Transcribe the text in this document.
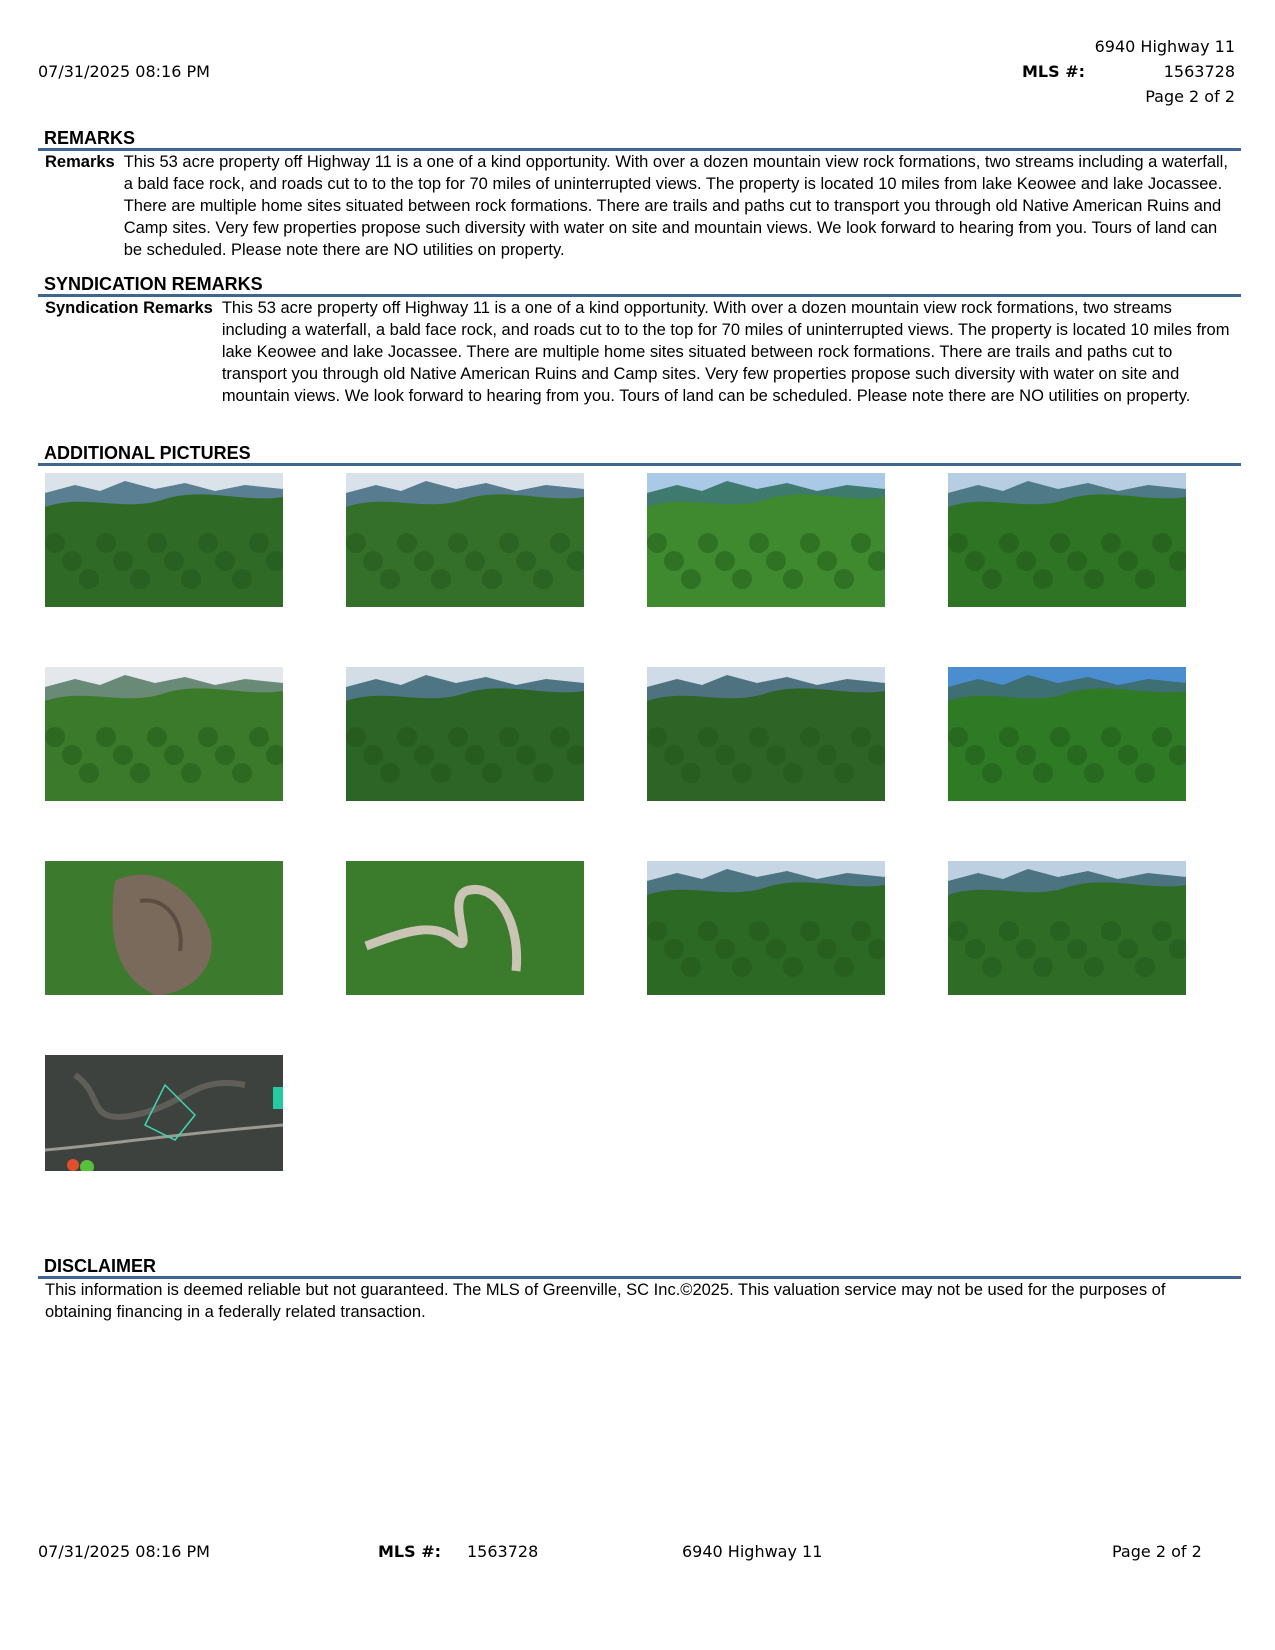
07/31/2025 08:16 PM
6940 Highway 11
MLS #:	1563728
Page 2 of 2
REMARKS
Remarks This 53 acre property off Highway 11 is a one of a kind opportunity. With over a dozen mountain view rock formations, two streams including a waterfall, a bald face rock, and roads cut to to the top for 70 miles of uninterrupted views. The property is located 10 miles from lake Keowee and lake Jocassee. There are multiple home sites situated between rock formations. There are trails and paths cut to transport you through old Native American Ruins and Camp sites. Very few properties propose such diversity with water on site and mountain views. We look forward to hearing from you. Tours of land can be scheduled. Please note there are NO utilities on property.
SYNDICATION REMARKS
Syndication Remarks This 53 acre property off Highway 11 is a one of a kind opportunity. With over a dozen mountain view rock formations, two streams including a waterfall, a bald face rock, and roads cut to to the top for 70 miles of uninterrupted views. The property is located 10 miles from lake Keowee and lake Jocassee. There are multiple home sites situated between rock formations. There are trails and paths cut to transport you through old Native American Ruins and Camp sites. Very few properties propose such diversity with water on site and mountain views. We look forward to hearing from you. Tours of land can be scheduled. Please note there are NO utilities on property.
ADDITIONAL PICTURES
DISCLAIMER
This information is deemed reliable but not guaranteed. The MLS of Greenville, SC Inc.©2025. This valuation service may not be used for the purposes of obtaining financing in a federally related transaction.
07/31/2025 08:16 PM	MLS #: 1563728	6940 Highway 11	Page 2 of 2
